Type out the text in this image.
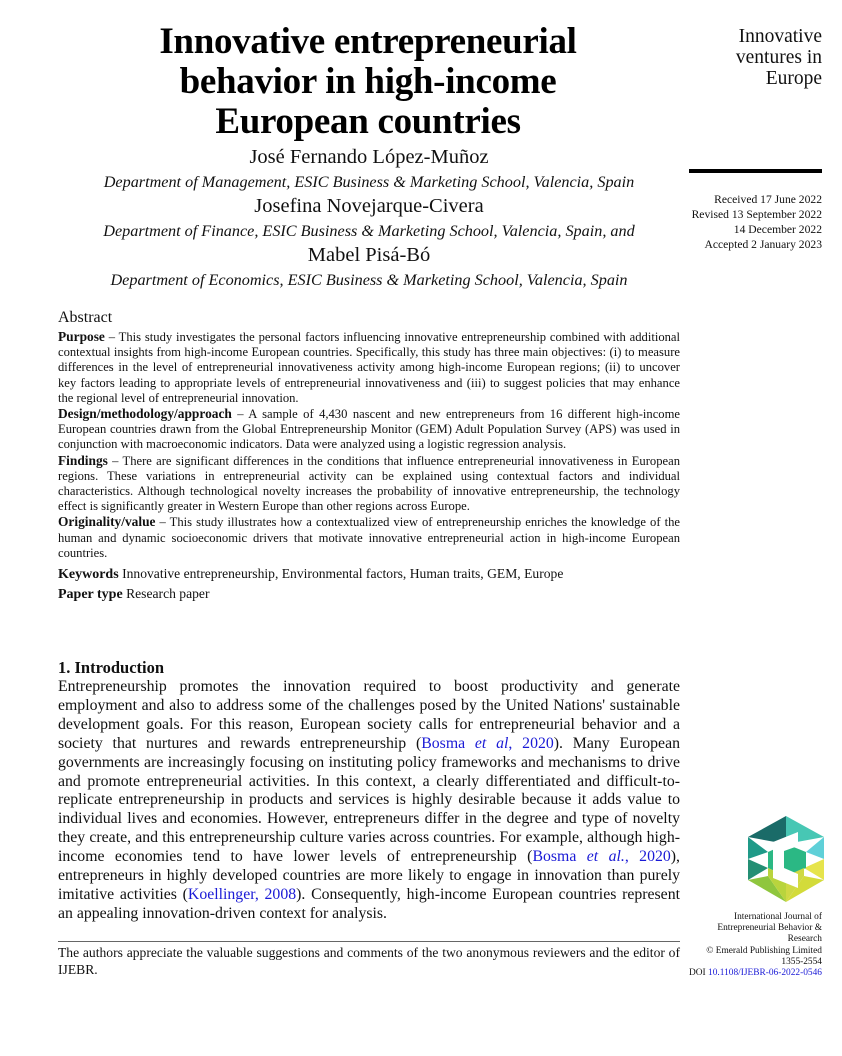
Innovative entrepreneurial
behavior in high-income
European countries
José Fernando López-Muñoz
Department of Management, ESIC Business & Marketing School, Valencia, Spain
Josefina Novejarque-Civera
Department of Finance, ESIC Business & Marketing School, Valencia, Spain, and
Mabel Pisá-Bó
Department of Economics, ESIC Business & Marketing School, Valencia, Spain
Innovative
ventures in
Europe
Received 17 June 2022
Revised 13 September 2022
14 December 2022
Accepted 2 January 2023
Abstract

Purpose – This study investigates the personal factors influencing innovative entrepreneurship combined with additional contextual insights from high-income European countries. Specifically, this study has three main objectives: (i) to measure differences in the level of entrepreneurial innovativeness activity among high-income European regions; (ii) to uncover key factors leading to appropriate levels of entrepreneurial innovativeness and (iii) to suggest policies that may enhance the regional level of entrepreneurial innovation.

Design/methodology/approach – A sample of 4,430 nascent and new entrepreneurs from 16 different high-income European countries drawn from the Global Entrepreneurship Monitor (GEM) Adult Population Survey (APS) was used in conjunction with macroeconomic indicators. Data were analyzed using a logistic regression analysis.

Findings – There are significant differences in the conditions that influence entrepreneurial innovativeness in European regions. These variations in entrepreneurial activity can be explained using contextual factors and individual characteristics. Although technological novelty increases the probability of innovative entrepreneurship, the technology effect is significantly greater in Western Europe than other regions across Europe.

Originality/value – This study illustrates how a contextualized view of entrepreneurship enriches the knowledge of the human and dynamic socioeconomic drivers that motivate innovative entrepreneurial action in high-income European countries.

Keywords Innovative entrepreneurship, Environmental factors, Human traits, GEM, Europe
Paper type Research paper
1. Introduction

Entrepreneurship promotes the innovation required to boost productivity and generate employment and also to address some of the challenges posed by the United Nations' sustainable development goals. For this reason, European society calls for entrepreneurial behavior and a society that nurtures and rewards entrepreneurship (Bosma et al, 2020). Many European governments are increasingly focusing on instituting policy frameworks and mechanisms to drive and promote entrepreneurial activities. In this context, a clearly differentiated and difficult-to-replicate entrepreneurship in products and services is highly desirable because it adds value to individual lives and economies. However, entrepreneurs differ in the degree and type of novelty they create, and this entrepreneurship culture varies across countries. For example, although high-income economies tend to have lower levels of entrepreneurship (Bosma et al., 2020), entrepreneurs in highly developed countries are more likely to engage in innovation than purely imitative activities (Koellinger, 2008). Consequently, high-income European countries represent an appealing innovation-driven context for analysis.

The authors appreciate the valuable suggestions and comments of the two anonymous reviewers and the editor of IJEBR.

International Journal of
Entrepreneurial Behavior &
Research
© Emerald Publishing Limited
1355-2554
DOI 10.1108/IJEBR-06-2022-0546
